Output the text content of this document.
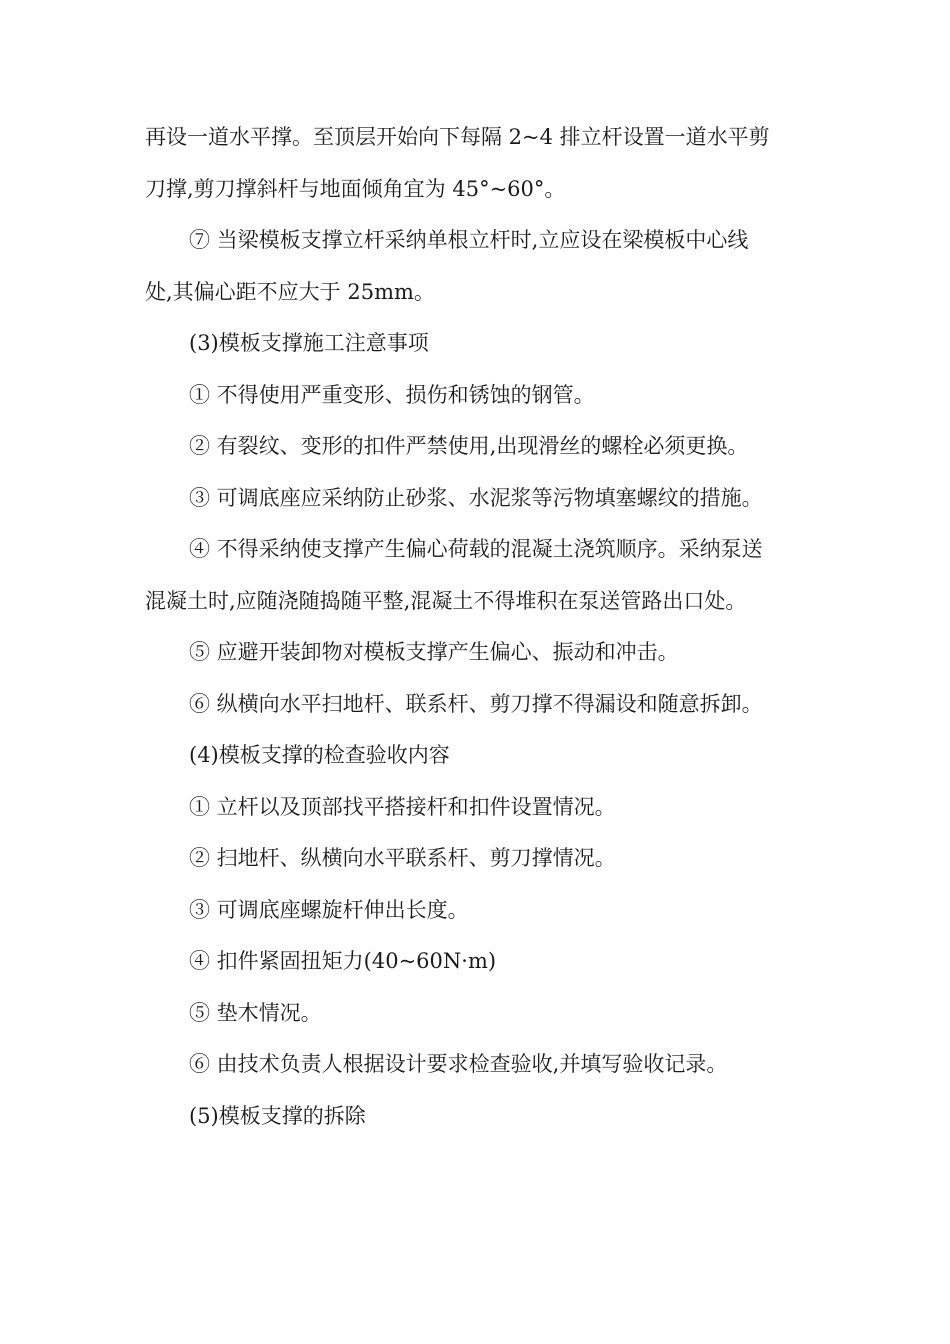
再设一道水平撑。至顶层开始向下每隔 2~4 排立杆设置一道水平剪

刀撑,剪刀撑斜杆与地面倾角宜为 45°~60°。

⑦ 当梁模板支撑立杆采纳单根立杆时,立应设在梁模板中心线

处,其偏心距不应大于 25mm。

(3)模板支撑施工注意事项

① 不得使用严重变形、损伤和锈蚀的钢管。

② 有裂纹、变形的扣件严禁使用,出现滑丝的螺栓必须更换。

③ 可调底座应采纳防止砂浆、水泥浆等污物填塞螺纹的措施。

④ 不得采纳使支撑产生偏心荷载的混凝土浇筑顺序。采纳泵送

混凝土时,应随浇随捣随平整,混凝土不得堆积在泵送管路出口处。

⑤ 应避开装卸物对模板支撑产生偏心、振动和冲击。

⑥ 纵横向水平扫地杆、联系杆、剪刀撑不得漏设和随意拆卸。

(4)模板支撑的检查验收内容

① 立杆以及顶部找平搭接杆和扣件设置情况。

② 扫地杆、纵横向水平联系杆、剪刀撑情况。

③ 可调底座螺旋杆伸出长度。

④ 扣件紧固扭矩力(40~60N·m)

⑤ 垫木情况。

⑥ 由技术负责人根据设计要求检查验收,并填写验收记录。

(5)模板支撑的拆除
